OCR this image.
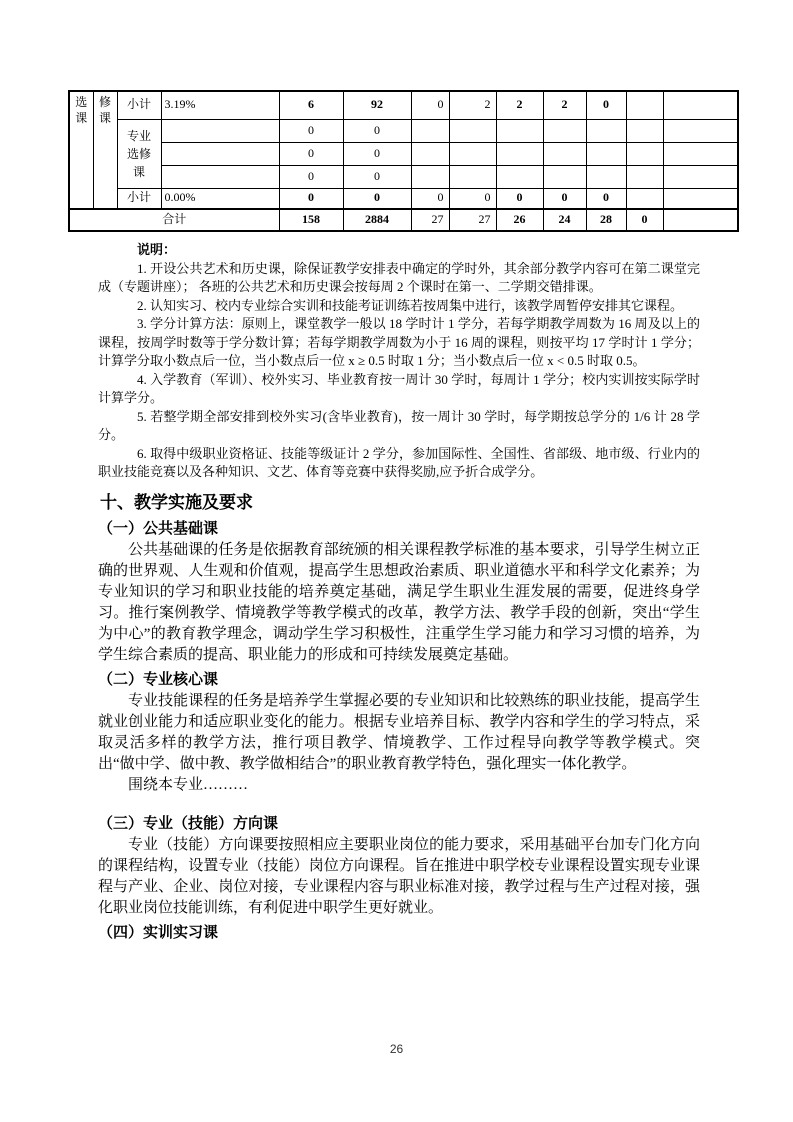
选课	修课	小计	3.19%	6	92	0	2	2	2	0		
		专业选修课		0	0							
				0	0							
				0	0							
		小计	0.00%	0	0	0	0	0	0	0		
合计				158	2884	27	27	26	24	28	0	

说明：

1. 开设公共艺术和历史课，除保证教学安排表中确定的学时外，其余部分教学内容可在第二课堂完成（专题讲座）； 各班的公共艺术和历史课会按每周 2 个课时在第一、二学期交错排课。

2. 认知实习、校内专业综合实训和技能考证训练若按周集中进行，该教学周暂停安排其它课程。

3. 学分计算方法：原则上，课堂教学一般以 18 学时计 1 学分，若每学期教学周数为 16 周及以上的课程，按周学时数等于学分数计算；若每学期教学周数为小于 16 周的课程，则按平均 17 学时计 1 学分；计算学分取小数点后一位，当小数点后一位 x ≥ 0.5 时取 1 分；当小数点后一位 x < 0.5 时取 0.5。

4. 入学教育（军训）、校外实习、毕业教育按一周计 30 学时，每周计 1 学分；校内实训按实际学时计算学分。

5. 若整学期全部安排到校外实习(含毕业教育)，按一周计 30 学时，每学期按总学分的 1/6 计 28 学分。

6. 取得中级职业资格证、技能等级证计 2 学分，参加国际性、全国性、省部级、地市级、行业内的职业技能竞赛以及各种知识、文艺、体育等竞赛中获得奖励,应予折合成学分。

十、教学实施及要求
（一）公共基础课

公共基础课的任务是依据教育部统颁的相关课程教学标准的基本要求，引导学生树立正确的世界观、人生观和价值观，提高学生思想政治素质、职业道德水平和科学文化素养；为专业知识的学习和职业技能的培养奠定基础，满足学生职业生涯发展的需要，促进终身学习。推行案例教学、情境教学等教学模式的改革，教学方法、教学手段的创新，突出“学生为中心”的教育教学理念，调动学生学习积极性，注重学生学习能力和学习习惯的培养，为学生综合素质的提高、职业能力的形成和可持续发展奠定基础。

（二）专业核心课

专业技能课程的任务是培养学生掌握必要的专业知识和比较熟练的职业技能，提高学生就业创业能力和适应职业变化的能力。根据专业培养目标、教学内容和学生的学习特点，采取灵活多样的教学方法，推行项目教学、情境教学、工作过程导向教学等教学模式。突出“做中学、做中教、教学做相结合”的职业教育教学特色，强化理实一体化教学。

围绕本专业………

（三）专业（技能）方向课

专业（技能）方向课要按照相应主要职业岗位的能力要求，采用基础平台加专门化方向的课程结构，设置专业（技能）岗位方向课程。旨在推进中职学校专业课程设置实现专业课程与产业、企业、岗位对接，专业课程内容与职业标准对接，教学过程与生产过程对接，强化职业岗位技能训练，有利促进中职学生更好就业。

（四）实训实习课
26
